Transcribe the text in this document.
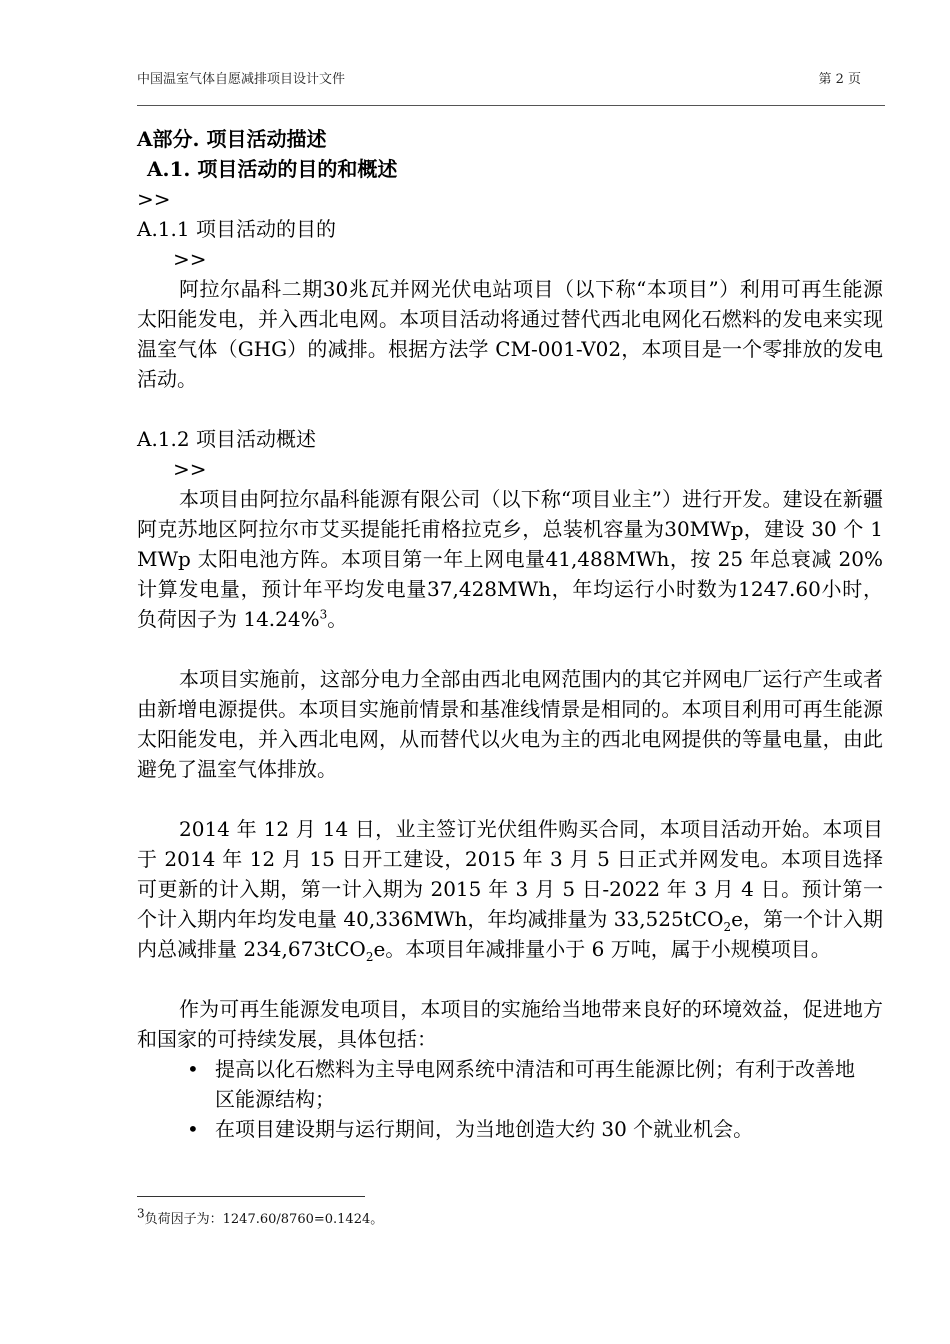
中国温室气体自愿减排项目设计文件	第 2 页

A部分. 项目活动描述

A.1. 项目活动的目的和概述

>>

A.1.1 项目活动的目的

>>

阿拉尔晶科二期30兆瓦并网光伏电站项目（以下称“本项目”）利用可再生能源太阳能发电，并入西北电网。本项目活动将通过替代西北电网化石燃料的发电来实现温室气体（GHG）的减排。根据方法学 CM-001-V02，本项目是一个零排放的发电活动。

A.1.2 项目活动概述

>>

本项目由阿拉尔晶科能源有限公司（以下称“项目业主”）进行开发。建设在新疆阿克苏地区阿拉尔市艾买提能托甫格拉克乡，总装机容量为30MWp，建设 30 个 1 MWp 太阳电池方阵。本项目第一年上网电量41,488MWh，按 25 年总衰减 20%计算发电量，预计年平均发电量37,428MWh，年均运行小时数为1247.60小时，负荷因子为 14.24%$^3$。

本项目实施前，这部分电力全部由西北电网范围内的其它并网电厂运行产生或者由新增电源提供。本项目实施前情景和基准线情景是相同的。本项目利用可再生能源太阳能发电，并入西北电网，从而替代以火电为主的西北电网提供的等量电量，由此避免了温室气体排放。

2014 年 12 月 14 日，业主签订光伏组件购买合同，本项目活动开始。本项目于 2014 年 12 月 15 日开工建设，2015 年 3 月 5 日正式并网发电。本项目选择可更新的计入期，第一计入期为 2015 年 3 月 5 日-2022 年 3 月 4 日。预计第一个计入期内年均发电量 40,336MWh，年均减排量为 33,525tCO$_2$e，第一个计入期内总减排量 234,673tCO$_2$e。本项目年减排量小于 6 万吨，属于小规模项目。

作为可再生能源发电项目，本项目的实施给当地带来良好的环境效益，促进地方和国家的可持续发展，具体包括：

• 提高以化石燃料为主导电网系统中清洁和可再生能源比例；有利于改善地区能源结构；
• 在项目建设期与运行期间，为当地创造大约 30 个就业机会。
$^3$负荷因子为：1247.60/8760=0.1424。
